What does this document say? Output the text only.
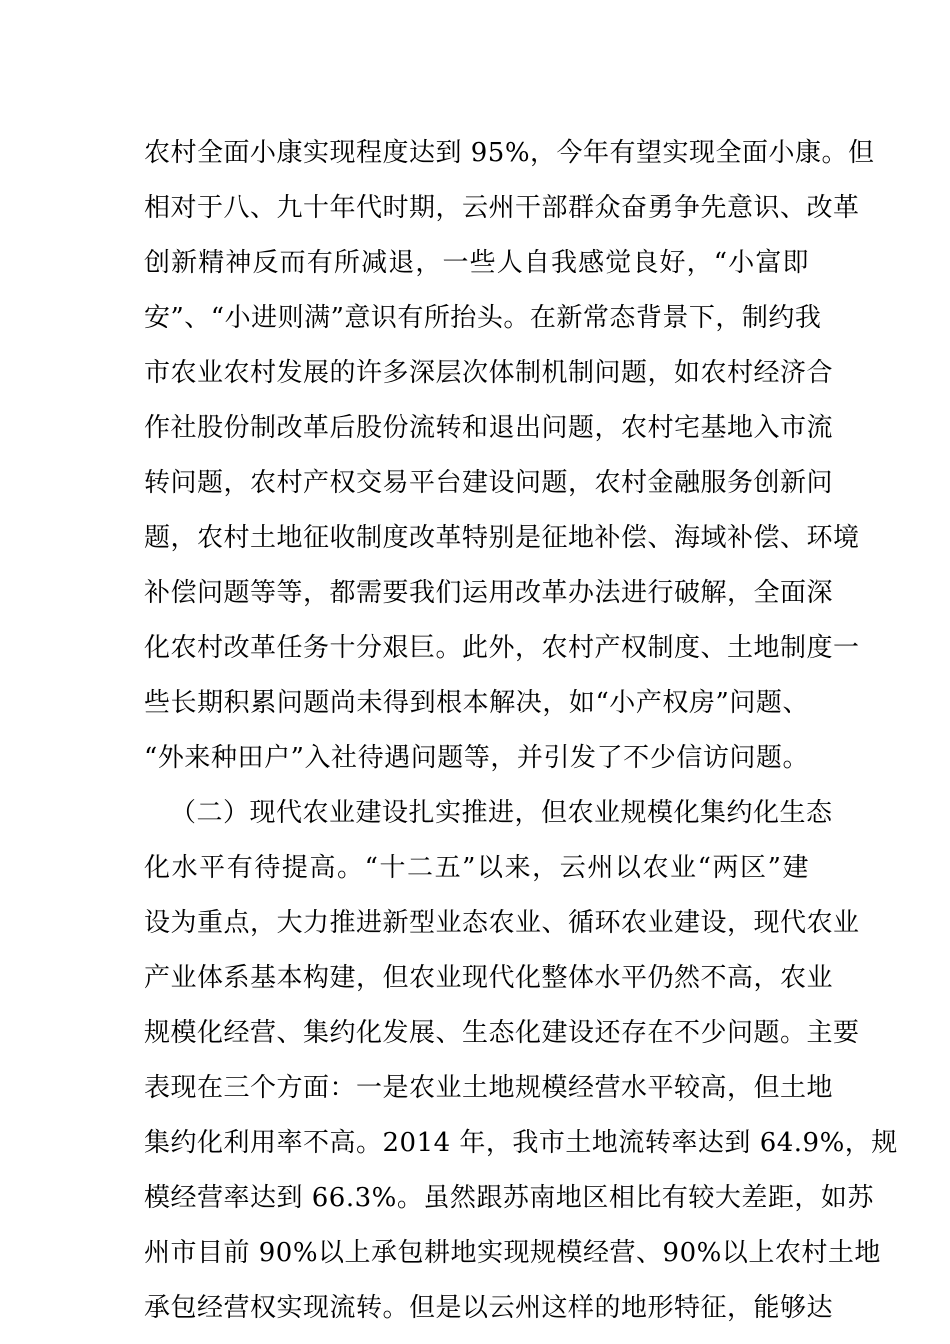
农村全面小康实现程度达到 95%，今年有望实现全面小康。但
相对于八、九十年代时期，云州干部群众奋勇争先意识、改革
创新精神反而有所减退，一些人自我感觉良好，“小富即
安”、“小进则满”意识有所抬头。在新常态背景下，制约我
市农业农村发展的许多深层次体制机制问题，如农村经济合
作社股份制改革后股份流转和退出问题，农村宅基地入市流
转问题，农村产权交易平台建设问题，农村金融服务创新问
题，农村土地征收制度改革特别是征地补偿、海域补偿、环境
补偿问题等等，都需要我们运用改革办法进行破解，全面深
化农村改革任务十分艰巨。此外，农村产权制度、土地制度一
些长期积累问题尚未得到根本解决，如“小产权房”问题、
“外来种田户”入社待遇问题等，并引发了不少信访问题。
（二）现代农业建设扎实推进，但农业规模化集约化生态
化水平有待提高。“十二五”以来，云州以农业“两区”建
设为重点，大力推进新型业态农业、循环农业建设，现代农业
产业体系基本构建，但农业现代化整体水平仍然不高，农业
规模化经营、集约化发展、生态化建设还存在不少问题。主要
表现在三个方面：一是农业土地规模经营水平较高，但土地
集约化利用率不高。2014 年，我市土地流转率达到 64.9%，规
模经营率达到 66.3%。虽然跟苏南地区相比有较大差距，如苏
州市目前 90%以上承包耕地实现规模经营、90%以上农村土地
承包经营权实现流转。但是以云州这样的地形特征，能够达
